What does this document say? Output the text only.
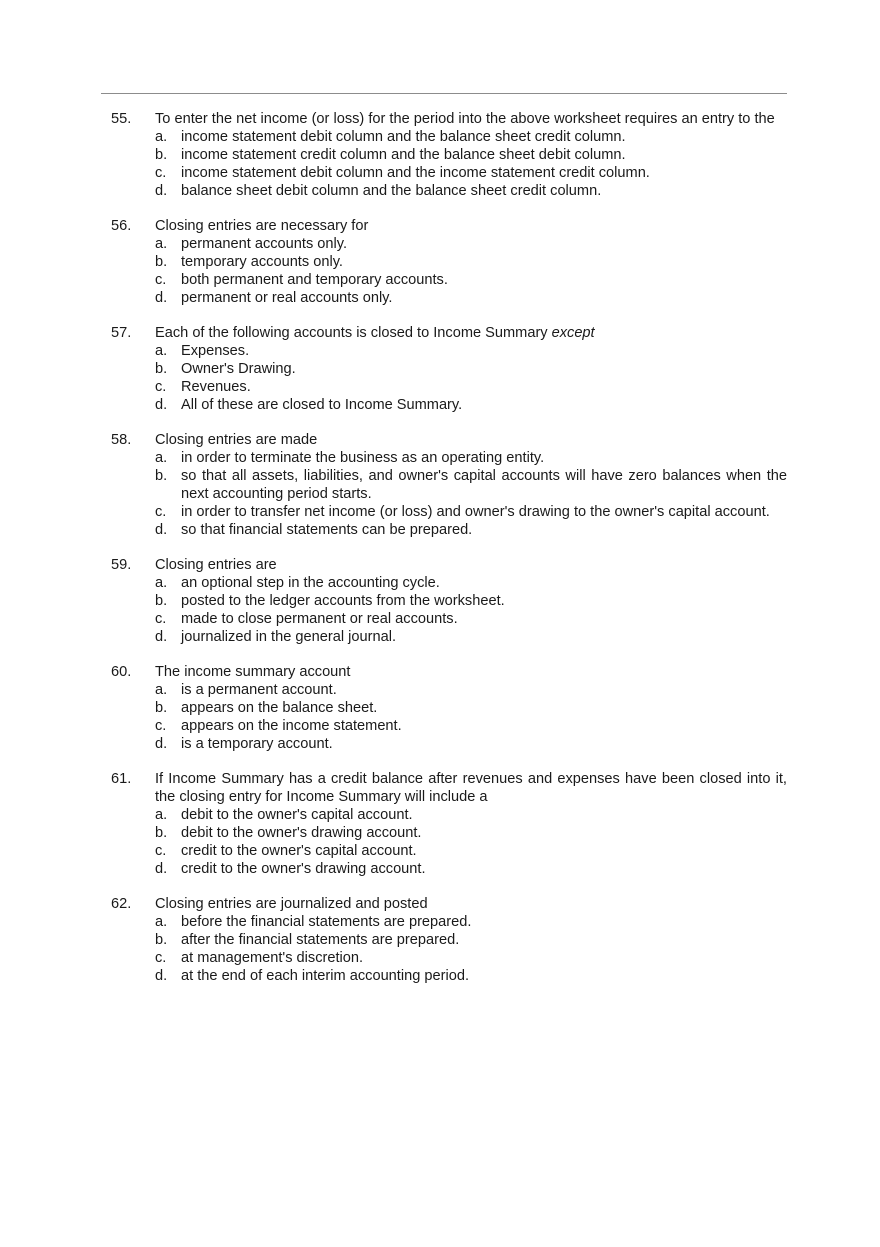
55.	To enter the net income (or loss) for the period into the above worksheet requires an entry to the
a. income statement debit column and the balance sheet credit column.
b. income statement credit column and the balance sheet debit column.
c.	income statement debit column and the income statement credit column.
d. balance sheet debit column and the balance sheet credit column.
56.	Closing entries are necessary for
a. permanent accounts only.
b. temporary accounts only.
c.	both permanent and temporary accounts.
d. permanent or real accounts only.
57.	Each of the following accounts is closed to Income Summary except
a. Expenses.
b. Owner's Drawing.
c.	Revenues.
d. All of these are closed to Income Summary.
58.	Closing entries are made
a. in order to terminate the business as an operating entity.
b. so that all assets, liabilities, and owner's capital accounts will have zero balances when the next accounting period starts.
c.	in order to transfer net income (or loss) and owner's drawing to the owner's capital account.
d. so that financial statements can be prepared.
59.	Closing entries are
a. an optional step in the accounting cycle.
b. posted to the ledger accounts from the worksheet.
c.	made to close permanent or real accounts.
d. journalized in the general journal.
60.	The income summary account
a. is a permanent account.
b. appears on the balance sheet.
c.	appears on the income statement.
d. is a temporary account.
61.	If Income Summary has a credit balance after revenues and expenses have been closed into it, the closing entry for Income Summary will include a
a. debit to the owner's capital account.
b. debit to the owner's drawing account.
c.	credit to the owner's capital account.
d. credit to the owner's drawing account.
62.	Closing entries are journalized and posted
a. before the financial statements are prepared.
b. after the financial statements are prepared.
c.	at management's discretion.
d. at the end of each interim accounting period.
